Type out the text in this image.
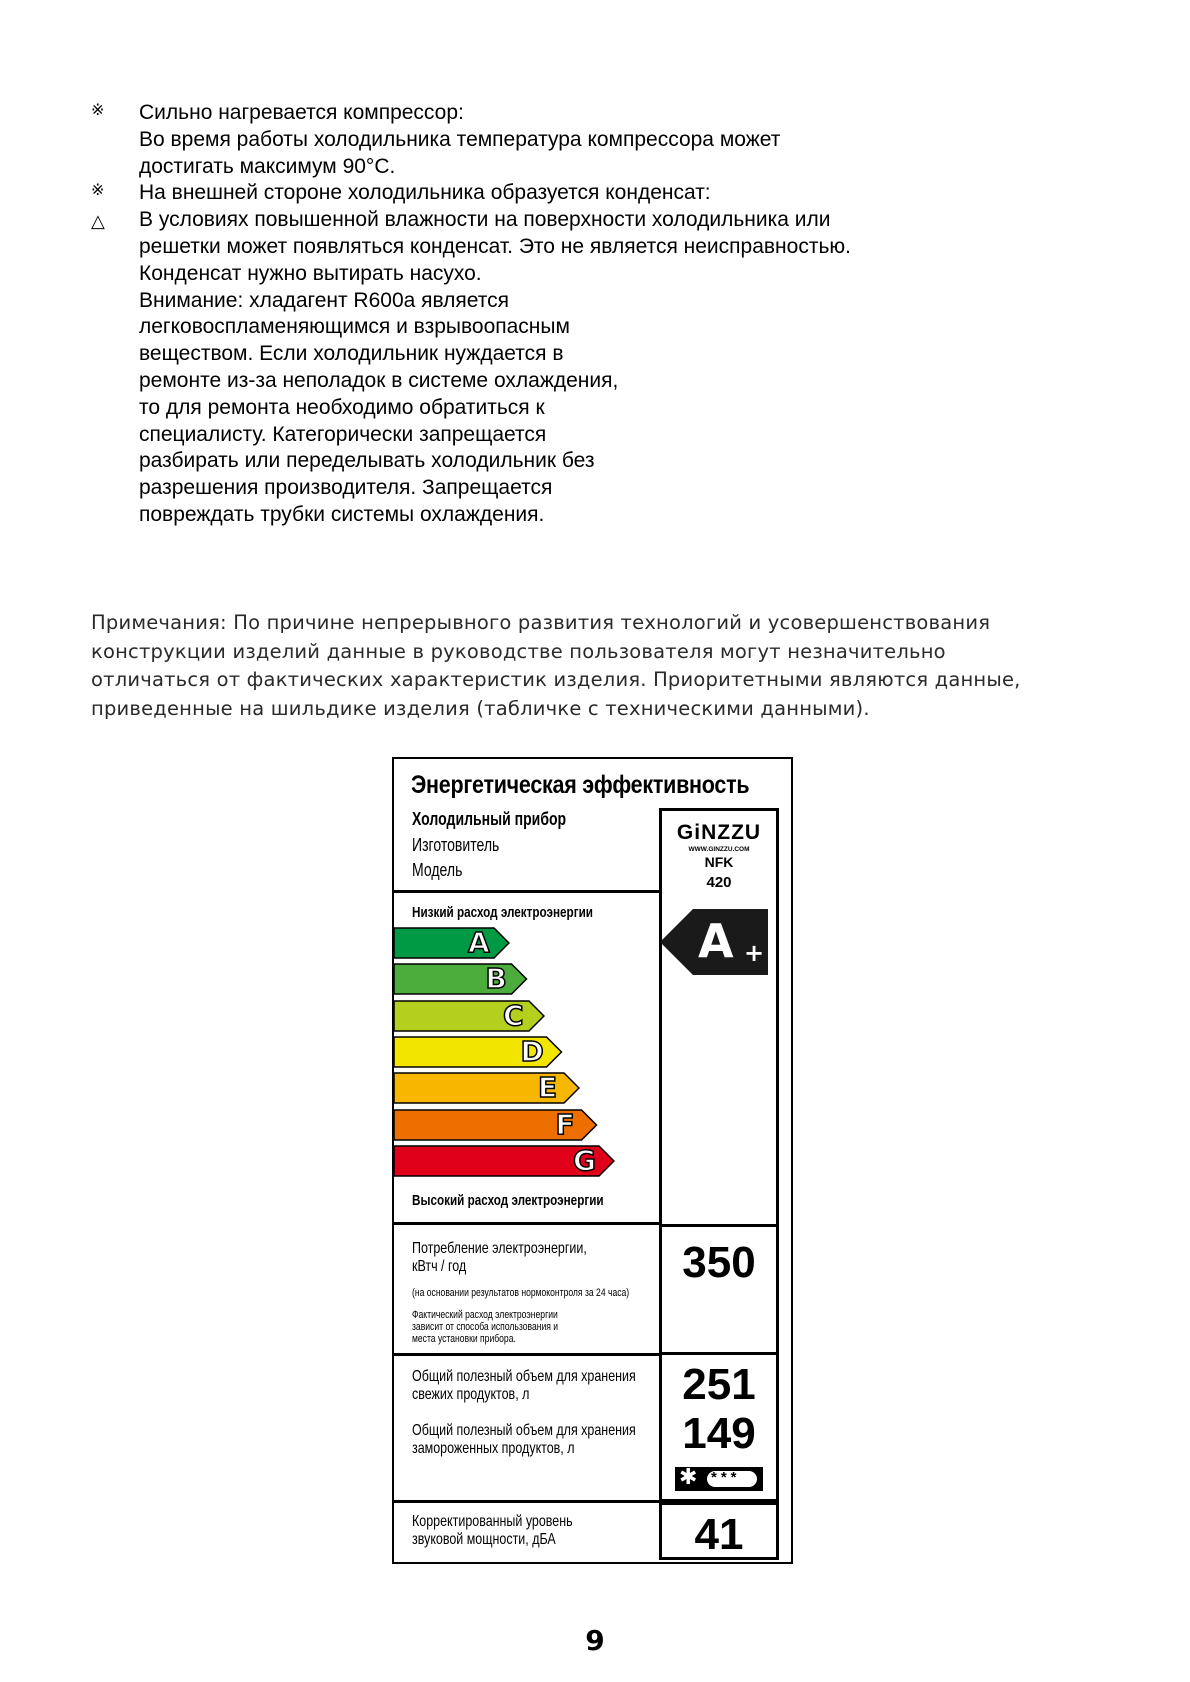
※ Сильно нагревается компрессор:
Во время работы холодильника температура компрессора может
достигать максимум 90°С.
※ На внешней стороне холодильника образуется конденсат:
△ В условиях повышенной влажности на поверхности холодильника или
решетки может появляться конденсат. Это не является неисправностью.
Конденсат нужно вытирать насухо.
Внимание: хладагент R600a является
легковоспламеняющимся и взрывоопасным
веществом. Если холодильник нуждается в
ремонте из-за неполадок в системе охлаждения,
то для ремонта необходимо обратиться к
специалисту. Категорически запрещается
разбирать или переделывать холодильник без
разрешения производителя. Запрещается
повреждать трубки системы охлаждения.
Примечания: По причине непрерывного развития технологий и усовершенствования
конструкции изделий данные в руководстве пользователя могут незначительно
отличаться от фактических характеристик изделия. Приоритетными являются данные,
приведенные на шильдике изделия (табличке с техническими данными).
Энергетическая эффективность
Холодильный прибор
Изготовитель
Модель
GiNZZU
WWW.GINZZU.COM
NFK
420
350
251
149
✱ ***
41
Низкий расход электроэнергии
A
B
C
D
E
F
G
Высокий расход электроэнергии
A +
Потребление электроэнергии,
кВтч / год
(на основании результатов нормоконтроля за 24 часа)
Фактический расход электроэнергии
зависит от способа использования и
места установки прибора.
Общий полезный объем для хранения
свежих продуктов, л
Общий полезный объем для хранения
замороженных продуктов, л
Корректированный уровень
звуковой мощности, дБА
9
